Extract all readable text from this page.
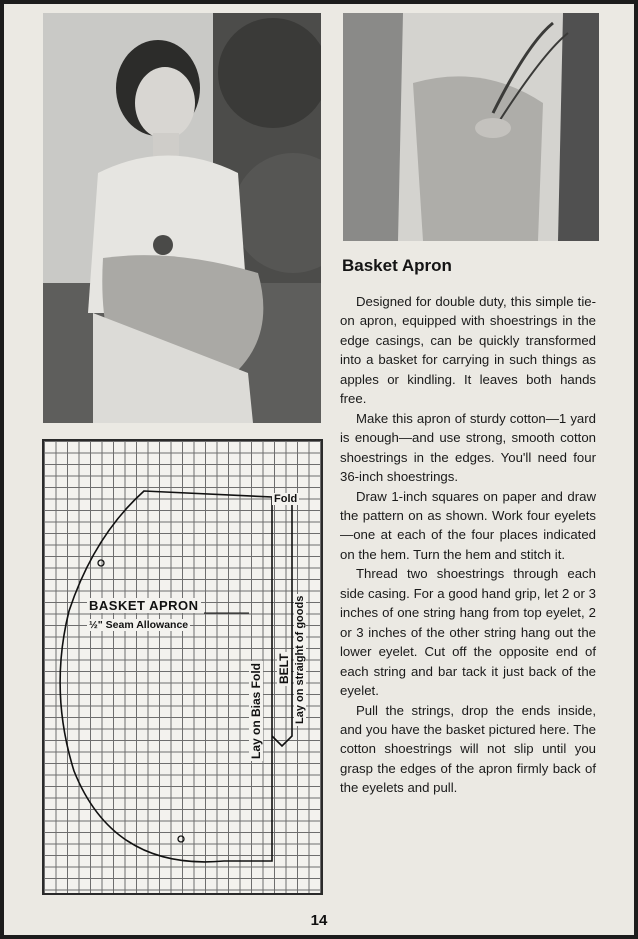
BASKET APRON
½" Seam Allowance
Fold
Lay on Bias Fold BELT Lay on straight of goods
Basket Apron

Designed for double duty, this simple tie-on apron, equipped with shoestrings in the edge casings, can be quickly transformed into a basket for carrying in such things as apples or kindling. It leaves both hands free.

Make this apron of sturdy cotton—1 yard is enough—and use strong, smooth cotton shoestrings in the edges. You'll need four 36-inch shoestrings.

Draw 1-inch squares on paper and draw the pattern on as shown. Work four eyelets—one at each of the four places indicated on the hem. Turn the hem and stitch it.

Thread two shoestrings through each side casing. For a good hand grip, let 2 or 3 inches of one string hang from top eyelet, 2 or 3 inches of the other string hang out the lower eyelet. Cut off the opposite end of each string and bar tack it just back of the eyelet.

Pull the strings, drop the ends inside, and you have the basket pictured here. The cotton shoestrings will not slip until you grasp the edges of the apron firmly back of the eyelets and pull.

14
